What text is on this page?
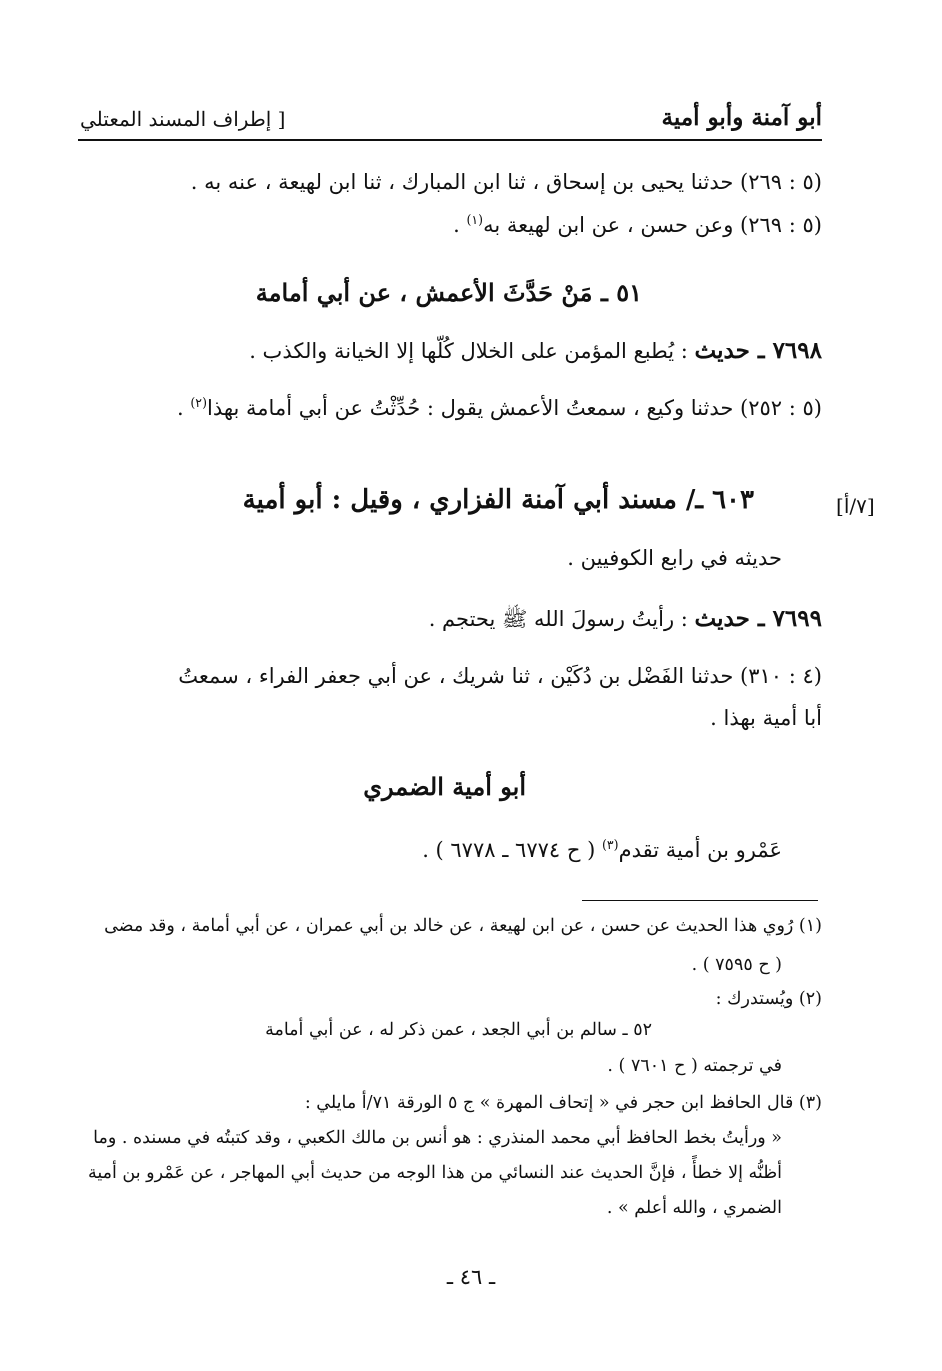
أبو آمنة وأبو أمية
[ إطراف المسند المعتلي
(٥ : ٢٦٩) حدثنا يحيى بن إسحاق ، ثنا ابن المبارك ، ثنا ابن لهيعة ، عنه به .
(٥ : ٢٦٩) وعن حسن ، عن ابن لهيعة به$^{(١)}$ .
٥١ ـ مَنْ حَدَّثَ الأعمش ، عن أبي أمامة
٧٦٩٨ ـ حديث : يُطبع المؤمن على الخلال كُلّها إلا الخيانة والكذب .
(٥ : ٢٥٢) حدثنا وكيع ، سمعتُ الأعمش يقول : حُدِّثْتُ عن أبي أمامة بهذا$^{(٢)}$ .
[٧/أ]
٦٠٣ ـ/ مسند أبي آمنة الفزاري ، وقيل : أبو أمية
حديثه في رابع الكوفيين .
٧٦٩٩ ـ حديث : رأيتُ رسولَ الله ﷺ يحتجم .
(٤ : ٣١٠) حدثنا الفَضْل بن دُكَيْن ، ثنا شريك ، عن أبي جعفر الفراء ، سمعتُ
أبا أمية بهذا .
أبو أمية الضمري
عَمْرو بن أمية تقدم$^{(٣)}$ ( ح ٦٧٧٤ ـ ٦٧٧٨ ) .
(١) رُوي هذا الحديث عن حسن ، عن ابن لهيعة ، عن خالد بن أبي عمران ، عن أبي أمامة ، وقد مضى
( ح ٧٥٩٥ ) .
(٢) ويُستدرك :
٥٢ ـ سالم بن أبي الجعد ، عمن ذكر له ، عن أبي أمامة
في ترجمته ( ح ٧٦٠١ ) .
(٣) قال الحافظ ابن حجر في « إتحاف المهرة » ج ٥ الورقة ٧١/أ مايلي :
« ورأيتُ بخط الحافظ أبي محمد المنذري : هو أنس بن مالك الكعبي ، وقد كتبتُه في مسنده . وما
أظنُّه إلا خطأً ، فإنَّ الحديث عند النسائي من هذا الوجه من حديث أبي المهاجر ، عن عَمْرو بن أمية
الضمري ، والله أعلم » .
ـ ٤٦ ـ
